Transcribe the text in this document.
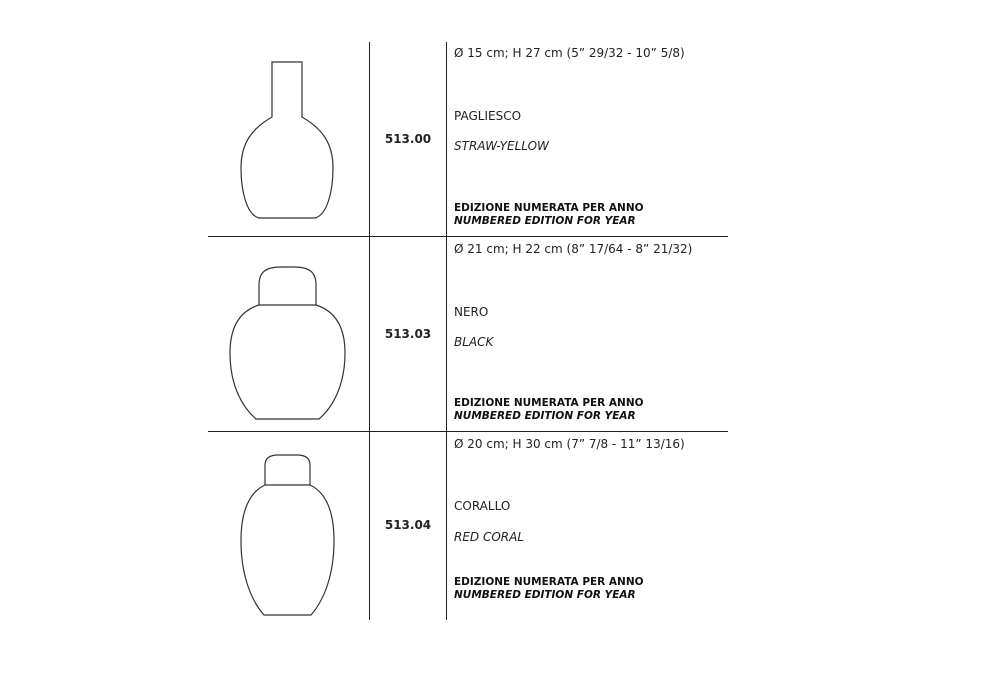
513.00
Ø 15 cm; H 27 cm (5” 29/32 - 10” 5/8)
PAGLIESCO
STRAW-YELLOW
EDIZIONE NUMERATA PER ANNO
NUMBERED EDITION FOR YEAR
513.03
Ø 21 cm; H 22 cm (8” 17/64 - 8” 21/32)
NERO
BLACK
EDIZIONE NUMERATA PER ANNO
NUMBERED EDITION FOR YEAR
513.04
Ø 20 cm; H 30 cm (7” 7/8 - 11” 13/16)
CORALLO
RED CORAL
EDIZIONE NUMERATA PER ANNO
NUMBERED EDITION FOR YEAR
